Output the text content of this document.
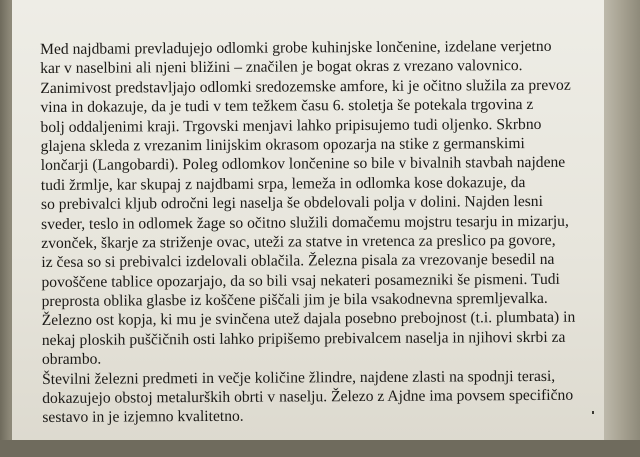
Med najdbami prevladujejo odlomki grobe kuhinjske lončenine, izdelane verjetno
kar v naselbini ali njeni bližini – značilen je bogat okras z vrezano valovnico.
Zanimivost predstavljajo odlomki sredozemske amfore, ki je očitno služila za prevoz
vina in dokazuje, da je tudi v tem težkem času 6. stoletja še potekala trgovina z
bolj oddaljenimi kraji. Trgovski menjavi lahko pripisujemo tudi oljenko. Skrbno
glajena skleda z vrezanim linijskim okrasom opozarja na stike z germanskimi
lončarji (Langobardi). Poleg odlomkov lončenine so bile v bivalnih stavbah najdene
tudi žrmlje, kar skupaj z najdbami srpa, lemeža in odlomka kose dokazuje, da
so prebivalci kljub odročni legi naselja še obdelovali polja v dolini. Najden lesni
sveder, teslo in odlomek žage so očitno služili domačemu mojstru tesarju in mizarju,
zvonček, škarje za striženje ovac, uteži za statve in vretenca za preslico pa govore,
iz česa so si prebivalci izdelovali oblačila. Železna pisala za vrezovanje besedil na
povoščene tablice opozarjajo, da so bili vsaj nekateri posamezniki še pismeni. Tudi
preprosta oblika glasbe iz koščene piščali jim je bila vsakodnevna spremljevalka.
Železno ost kopja, ki mu je svinčena utež dajala posebno prebojnost (t.i. plumbata) in
nekaj ploskih puščičnih osti lahko pripišemo prebivalcem naselja in njihovi skrbi za
obrambo.
Številni železni predmeti in večje količine žlindre, najdene zlasti na spodnji terasi,
dokazujejo obstoj metalurških obrti v naselju. Železo z Ajdne ima povsem specifično
sestavo in je izjemno kvalitetno.
